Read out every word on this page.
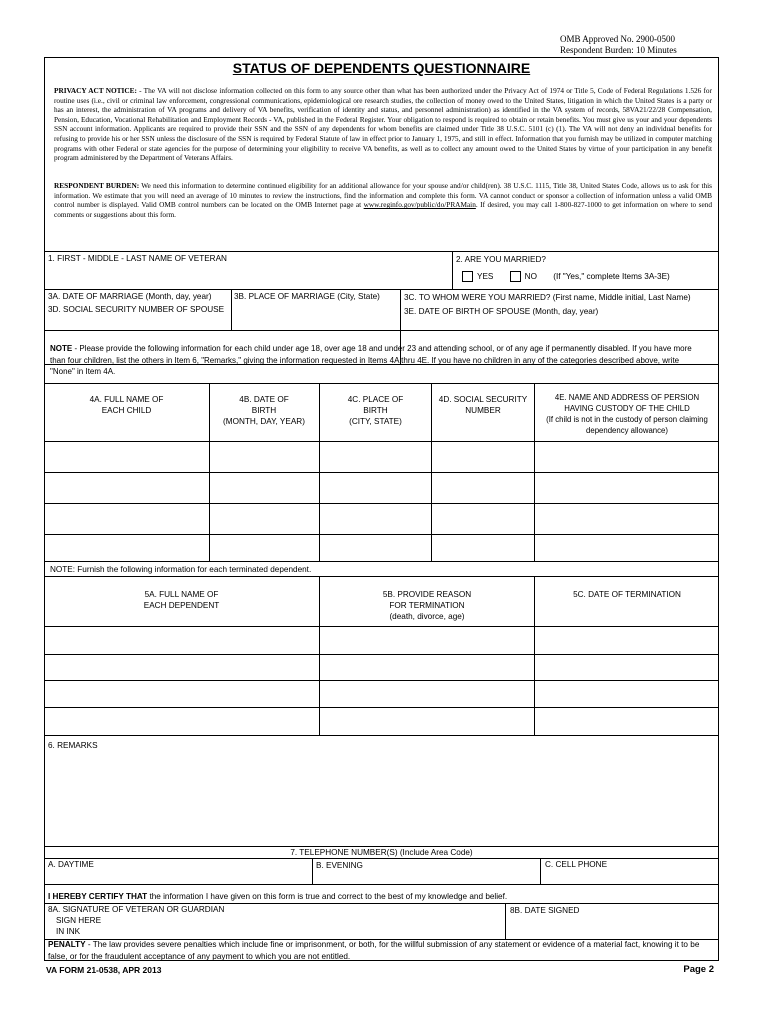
OMB Approved No. 2900-0500
Respondent Burden: 10 Minutes
STATUS OF DEPENDENTS QUESTIONNAIRE
PRIVACY ACT NOTICE: - The VA will not disclose information collected on this form to any source other than what has been authorized under the Privacy Act of 1974 or Title 5, Code of Federal Regulations 1.526 for routine uses (i.e., civil or criminal law enforcement, congressional communications, epidemiological ore research studies, the collection of money owed to the United States, litigation in which the United States is a party or has an interest, the administration of VA programs and delivery of VA benefits, verification of identity and status, and personnel administration) as identified in the VA system of records, 58VA21/22/28 Compensation, Pension, Education, Vocational Rehabilitation and Employment Records - VA, published in the Federal Register. Your obligation to respond is required to obtain or retain benefits. You must give us your and your dependents SSN account information. Applicants are required to provide their SSN and the SSN of any dependents for whom benefits are claimed under Title 38 U.S.C. 5101 (c) (1). The VA will not deny an individual benefits for refusing to provide his or her SSN unless the disclosure of the SSN is required by Federal Statute of law in effect prior to January 1, 1975, and still in effect. Information that you furnish may be utilized in computer matching programs with other Federal or state agencies for the purpose of determining your eligibility to receive VA benefits, as well as to collect any amount owed to the United States by virtue of your participation in any benefit program administered by the Department of Veterans Affairs.
RESPONDENT BURDEN: We need this information to determine continued eligibility for an additional allowance for your spouse and/or child(ren). 38 U.S.C. 1115, Title 38, United States Code, allows us to ask for this information. We estimate that you will need an average of 10 minutes to review the instructions, find the information and complete this form. VA cannot conduct or sponsor a collection of information unless a valid OMB control number is displayed. Valid OMB control numbers can be located on the OMB Internet page at www.reginfo.gov/public/do/PRAMain. If desired, you may call 1-800-827-1000 to get information on where to send comments or suggestions about this form.
1. FIRST - MIDDLE - LAST NAME OF VETERAN	2. ARE YOU MARRIED?
YES	NO (If "Yes," complete Items 3A-3E)
3A. DATE OF MARRIAGE (Month, day, year)	3B. PLACE OF MARRIAGE (City, State)	3C. TO WHOM WERE YOU MARRIED? (First name, Middle initial, Last Name)
3D. SOCIAL SECURITY NUMBER OF SPOUSE	3E. DATE OF BIRTH OF SPOUSE (Month, day, year)
NOTE - Please provide the following information for each child under age 18, over age 18 and under 23 and attending school, or of any age if permanently disabled. If you have more than four children, list the others in Item 6, "Remarks," giving the information requested in Items 4A thru 4E. If you have no children in any of the categories described above, write "None" in Item 4A.
4A. FULL NAME OF
EACH CHILD
4B. DATE OF
BIRTH
(MONTH, DAY, YEAR)
4C. PLACE OF
BIRTH
(CITY, STATE)
4D. SOCIAL SECURITY
NUMBER
4E. NAME AND ADDRESS OF PERSION
HAVING CUSTODY OF THE CHILD
(If child is not in the custody of person claiming
dependency allowance)
NOTE: Furnish the following information for each terminated dependent.
5A. FULL NAME OF
EACH DEPENDENT
5B. PROVIDE REASON
FOR TERMINATION
(death, divorce, age)
5C. DATE OF TERMINATION
6. REMARKS
7. TELEPHONE NUMBER(S) (Include Area Code)
A. DAYTIME	B. EVENING	C. CELL PHONE
I HEREBY CERTIFY THAT the information I have given on this form is true and correct to the best of my knowledge and belief.
8A. SIGNATURE OF VETERAN OR GUARDIAN
SIGN HERE
IN INK
8B. DATE SIGNED
PENALTY - The law provides severe penalties which include fine or imprisonment, or both, for the willful submission of any statement or evidence of a material fact, knowing it to be false, or for the fraudulent acceptance of any payment to which you are not entitled.
VA FORM 21-0538, APR 2013	Page 2
